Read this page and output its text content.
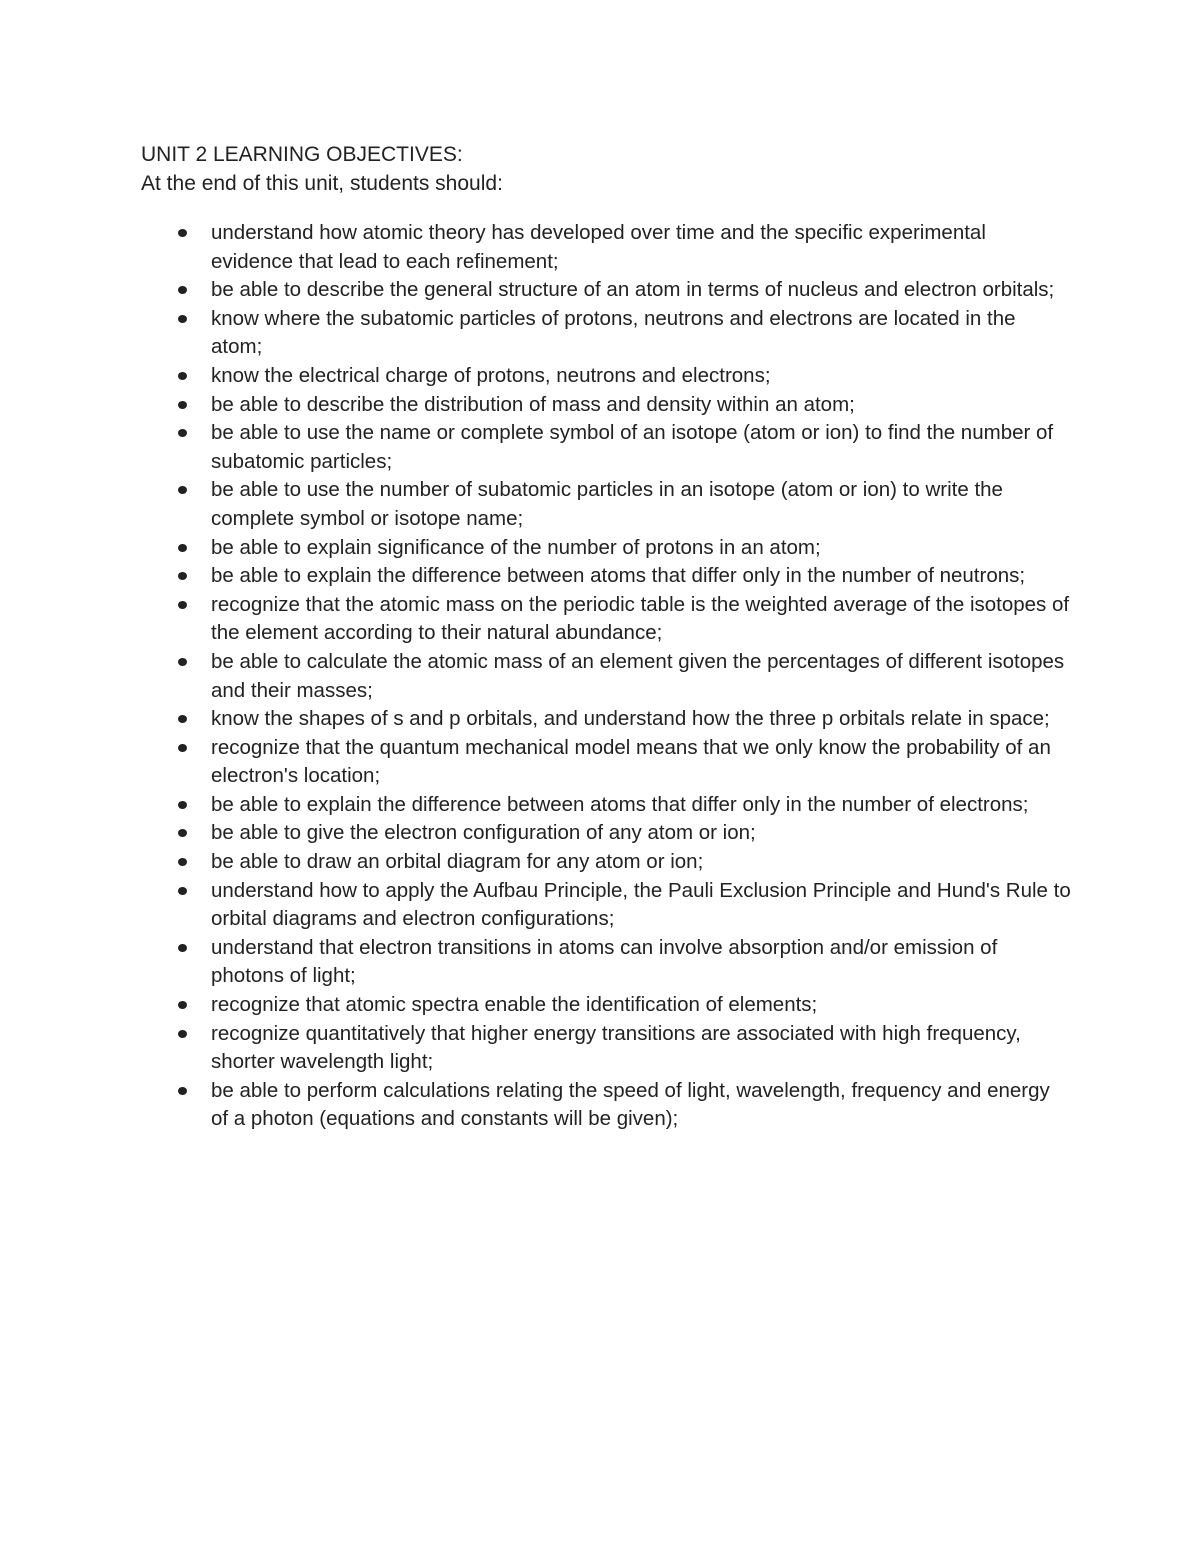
UNIT 2 LEARNING OBJECTIVES:

At the end of this unit, students should:

understand how atomic theory has developed over time and the specific experimental evidence that lead to each refinement;
be able to describe the general structure of an atom in terms of nucleus and electron orbitals;
know where the subatomic particles of protons, neutrons and electrons are located in the atom;
know the electrical charge of protons, neutrons and electrons;
be able to describe the distribution of mass and density within an atom;
be able to use the name or complete symbol of an isotope (atom or ion) to find the number of subatomic particles;
be able to use the number of subatomic particles in an isotope (atom or ion) to write the complete symbol or isotope name;
be able to explain significance of the number of protons in an atom;
be able to explain the difference between atoms that differ only in the number of neutrons;
recognize that the atomic mass on the periodic table is the weighted average of the isotopes of the element according to their natural abundance;
be able to calculate the atomic mass of an element given the percentages of different isotopes and their masses;
know the shapes of s and p orbitals, and understand how the three p orbitals relate in space;
recognize that the quantum mechanical model means that we only know the probability of an electron's location;
be able to explain the difference between atoms that differ only in the number of electrons;
be able to give the electron configuration of any atom or ion;
be able to draw an orbital diagram for any atom or ion;
understand how to apply the Aufbau Principle, the Pauli Exclusion Principle and Hund's Rule to orbital diagrams and electron configurations;
understand that electron transitions in atoms can involve absorption and/or emission of photons of light;
recognize that atomic spectra enable the identification of elements;
recognize quantitatively that higher energy transitions are associated with high frequency, shorter wavelength light;
be able to perform calculations relating the speed of light, wavelength, frequency and energy of a photon (equations and constants will be given);
